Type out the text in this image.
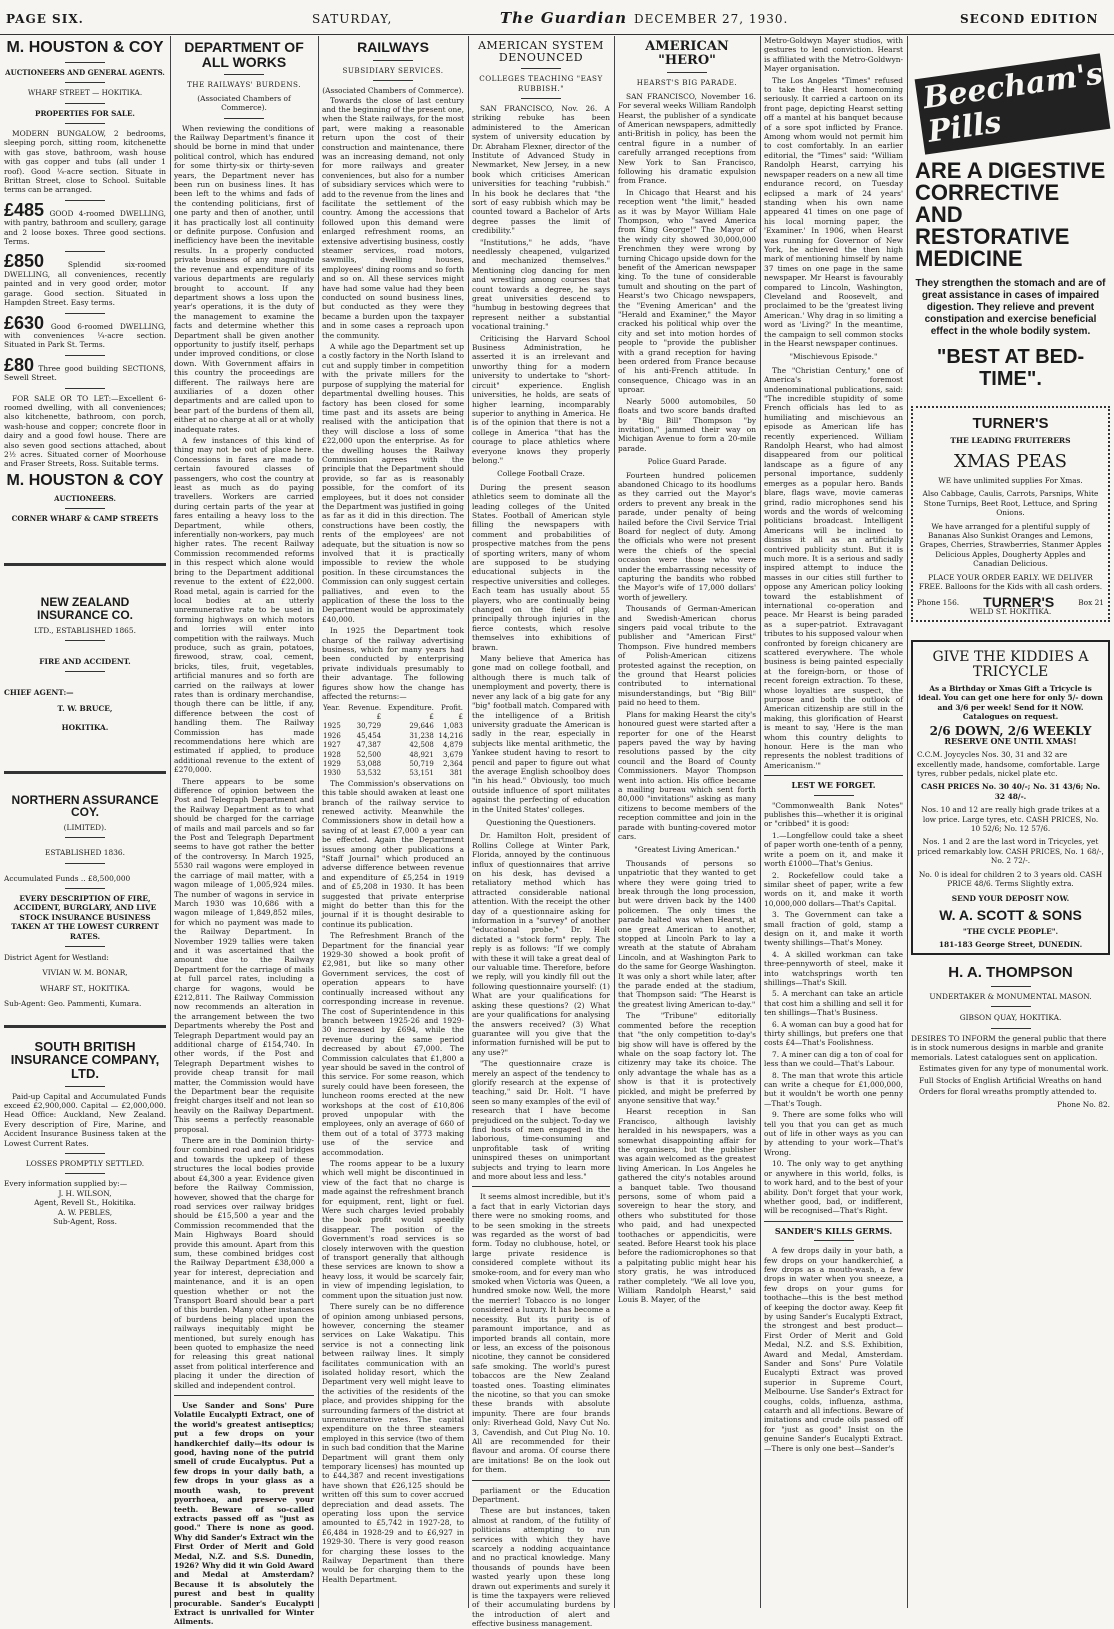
PAGE SIX.	SATURDAY,	The Guardian DECEMBER 27, 1930.	SECOND EDITION
M. HOUSTON & COY
AUCTIONEERS AND GENERAL AGENTS.
WHARF STREET — HOKITIKA.
PROPERTIES FOR SALE.

MODERN BUNGALOW, 2 bedrooms, sleeping porch, sitting room, kitchenette with gas stove, bathroom, wash house with gas copper and tubs (all under 1 roof). Good ¼-acre section. Situate in Brittan Street, close to School. Suitable terms can be arranged.

£485 GOOD 4-roomed DWELLING, with pantry, bathroom and scullery, garage and 2 loose boxes. Three good sections. Terms.

£850	Splendid six-roomed DWELLING, all conveniences, recently painted and in very good order, motor garage. Good section. Situated in Hampden Street. Easy terms.

£630 Good 6-roomed DWELLING, with conveniences ¼-acre section. Situated in Park St. Terms.

£80 Three good building SECTIONS, Sewell Street.

FOR SALE OR TO LET:—Excellent 6-roomed dwelling, with all conveniences; also kitchenette, bathroom, con porch, wash-house and copper; concrete floor in dairy and a good fowl house. There are also seven good sections attached, about 2½ acres. Situated corner of Moorhouse and Fraser Streets, Ross. Suitable terms.

M. HOUSTON & COY
AUCTIONEERS.
CORNER WHARF & CAMP STREETS
NEW ZEALAND INSURANCE CO.
LTD., ESTABLISHED 1865.
FIRE AND ACCIDENT.
CHIEF AGENT:—
T. W. BRUCE,
HOKITIKA.
NORTHERN ASSURANCE COY.
(LIMITED).
ESTABLISHED 1836.
Accumulated Funds .. £8,500,000
EVERY DESCRIPTION OF FIRE, ACCIDENT, BURGLARY, AND LIVE STOCK INSURANCE BUSINESS TAKEN AT THE LOWEST CURRENT RATES.
District Agent for Westland:
VIVIAN W. M. BONAR,
WHARF ST., HOKITIKA.
Sub-Agent: Geo. Pammenti, Kumara.
SOUTH BRITISH INSURANCE COMPANY, LTD.

Paid-up Capital and Accumulated Funds exceed £2,900,000. Capital — £2,000,000. Head Office: Auckland, New Zealand. Every description of Fire, Marine, and Accident Insurance Business taken at the Lowest Current Rates.

LOSSES PROMPTLY SETTLED.
Every information supplied by:—
J. H. WILSON,
Agent, Revell St., Hokitika.
A. W. PEBLES,
Sub-Agent, Ross.
DEPARTMENT OF ALL WORKS
THE RAILWAYS' BURDENS.
(Associated Chambers of Commerce).

When reviewing the conditions of the Railway Department's finance it should be borne in mind that under political control, which has endured for some thirty-six or thirty-seven years, the Department never has been run on business lines. It has been left to the whims and fads of the contending politicians, first of one party and then of another, until it has practically lost all continuity or definite purpose. Confusion and inefficiency have been the inevitable results. In a properly conducted private business of any magnitude the revenue and expenditure of its various departments are regularly brought to account. If any department shows a loss upon the year's operations, it is the duty of the management to examine the facts and determine whether this Department shall be given another opportunity to justify itself, perhaps under improved conditions, or close down. With Government affairs in this country the proceedings are different. The railways here are auxiliaries of a dozen other departments and are called upon to bear part of the burdens of them all, either at no charge at all or at wholly inadequate rates.

A few instances of this kind of thing may not be out of place here. Concessions in fares are made to certain favoured classes of passengers, who cost the country at least as much as do paying travellers. Workers are carried during certain parts of the year at fares entailing a heavy loss to the Department, while others, inferentially non-workers, pay much higher rates. The recent Railway Commission recommended reforms in this respect which alone would bring to the Department additional revenue to the extent of £22,000. Road metal, again is carried for the local bodies at an utterly unremunerative rate to be used in forming highways on which motors and lorries will enter into competition with the railways. Much produce, such as grain, potatoes, firewood, straw, coal, cement, bricks, tiles, fruit, vegetables, artificial manures and so forth are carried on the railways at lower rates than is ordinary merchandise, though there can be little, if any, difference between the cost of handling them. The Railway Commission has made recommendations here which are estimated if applied, to produce additional revenue to the extent of £270,000.

There appears to be some difference of opinion between the Post and Telegraph Department and the Railway Department as to what should be charged for the carriage of mails and mail parcels and so far the Post and Telegraph Department seems to have got rather the better of the controversy. In March 1925, 5530 rail wagons were employed in the carriage of mail matter, with a wagon mileage of 1,005,924 miles. The number of wagons in service in March 1930 was 10,686 with a wagon mileage of 1,849,852 miles, for which no payment was made to the Railway Department. In November 1929 tallies were taken and it was ascertained that the amount due to the Railway Department for the carriage of mails at full parcel rates, including a charge for wagons, would be £212,811. The Railway Commission now recommends an alteration in the arrangement between the two Departments whereby the Post and Telegraph Department would pay an additional charge of £154,740. In other words, if the Post and Telegraph Department wishes to provide cheap transit for mail matter, the Commission would have the Department bear the requisite freight charges itself and not lean so heavily on the Railway Department. This seems a perfectly reasonable proposal.

There are in the Dominion thirty-four combined road and rail bridges and towards the upkeep of these structures the local bodies provide about £4,300 a year. Evidence given before the Railway Commission, however, showed that the charge for road services over railway bridges should be £15,500 a year and the Commission recommended that the Main Highways Board should provide this amount. Apart from this sum, these combined bridges cost the Railway Department £38,000 a year for interest, depreciation and maintenance, and it is an open question whether or not the Transport Board should bear a part of this burden. Many other instances of burdens being placed upon the railways inequitably might be mentioned, but surely enough has been quoted to emphasize the need for releasing this great national asset from political interference and placing it under the direction of skilled and independent control.

Use Sander and Sons' Pure Volatile Eucalypti Extract, one of the world's greatest antiseptics; put a few drops on your handkerchief daily—its odour is good, having none of the putrid smell of crude Eucalyptus. Put a few drops in your daily bath, a few drops in your glass as a mouth wash, to prevent pyorrhoea, and preserve your teeth. Beware of so-called extracts passed off as "just as good." There is none as good. Why did Sander's Extract win the First Order of Merit and Gold Medal, N.Z. and S.S. Dunedin, 1926? Why did it win Gold Award and Medal at Amsterdam? Because it is absolutely the purest and best in quality procurable. Sander's Eucalypti Extract is unrivalled for Winter Ailments.

RAILWAYS
SUBSIDIARY SERVICES.
(Associated Chambers of Commerce).

Towards the close of last century and the beginning of the present one, when the State railways, for the most part, were making a reasonable return upon the cost of their construction and maintenance, there was an increasing demand, not only for more railways and greater conveniences, but also for a number of subsidiary services which were to add to the revenue from the lines and facilitate the settlement of the country. Among the accessions that followed upon this demand were enlarged refreshment rooms, an extensive advertising business, costly steamer services, road motors, sawmills, dwelling houses, employees' dining rooms and so forth and so on. All these services might have had some value had they been conducted on sound business lines, but conducted as they were they became a burden upon the taxpayer and in some cases a reproach upon the community.

A while ago the Department set up a costly factory in the North Island to cut and supply timber in competition with the private millers for the purpose of supplying the material for departmental dwelling houses. This factory has been closed for some time past and its assets are being realised with the anticipation that they will disclose a loss of some £22,000 upon the enterprise. As for the dwelling houses the Railway Commission agrees with the principle that the Department should provide, so far as is reasonably possible, for the comfort of its employees, but it does not consider the Department was justified in going as far as it did in this direction. The constructions have been costly, the rents of the employees' are not adequate, but the situation is now so involved that it is practically impossible to review the whole position. In these circumstances the Commission can only suggest certain palliatives, and even to the application of these the loss to the Department would be approximately £40,000.

In 1925 the Department took charge of the railway advertising business, which for many years had been conducted by enterprising private individuals presumably to their advantage. The following figures show how the change has affected the returns:—

Year.	Revenue.	Expenditure.	Profit.
	£	£	£
1925	30,729	29,646	1,083
1926	45,454	31,238	14,216
1927	47,387	42,508	4,879
1928	52,500	48,921	3,679
1929	53,088	50,719	2,364
1930	53,532	53,151	381

The Commission's observations on this table should awaken at least one branch of the railway service to renewed activity. Meanwhile the Commissioners show in detail how a saving of at least £7,000 a year can be effected. Again the Department issues among other publications a "Staff Journal" which produced an adverse difference between revenue and expenditure of £5,254 in 1919 and of £5,208 in 1930. It has been suggested that private enterprise might do better than this for the journal if it is thought desirable to continue its publication.

The Refreshment Branch of the Department for the financial year 1929-30 showed a book profit of £2,981, but like so many other Government services, the cost of operation appears to have continually increased without any corresponding increase in revenue. The cost of Superintendence in this branch between 1925-26 and 1929-30 increased by £694, while the revenue during the same period decreased by about £7,000. The Commission calculates that £1,800 a year should be saved in the control of this service. For some reason, which surely could have been foreseen, the luncheon rooms erected at the new workshops at the cost of £10,806 proved unpopular with the employees, only an average of 660 of them out of a total of 3773 making use of the service and accommodation.

The rooms appear to be a luxury which well might be discontinued in view of the fact that no charge is made against the refreshment branch for equipment, rent, light or fuel. Were such charges levied probably the book profit would speedily disappear. The position of the Government's road services is so closely interwoven with the question of transport generally that although these services are known to show a heavy loss, it would be scarcely fair, in view of impending legislation, to comment upon the situation just now.

There surely can be no difference of opinion among unbiased persons, however, concerning the steamer services on Lake Wakatipu. This service is not a connecting link between railway lines. It simply facilitates communication with an isolated holiday resort, which the Department very well might leave to the activities of the residents of the place, and provides shipping for the surrounding farmers of the district at unremunerative rates. The capital expenditure on the three steamers employed in this service (two of them in such bad condition that the Marine Department will grant them only temporary licenses) has mounted up to £44,387 and recent investigations have shown that £26,125 should be written off this sum to cover accrued depreciation and dead assets. The operating loss upon the service amounted to £5,742 in 1927-28, to £6,484 in 1928-29 and to £6,927 in 1929-30. There is very good reason for charging these losses to the Railway Department than there would be for charging them to the Health Department.

AMERICAN SYSTEM DENOUNCED
COLLEGES TEACHING "EASY RUBBISH."

SAN FRANCISCO, Nov. 26. A striking rebuke has been administered to the American system of university education by Dr. Abraham Flexner, director of the Institute of Advanced Study in Newmarket, New Jersey, in a new book which criticises American universities for teaching "rubbish." In his book he declares that "the sort of easy rubbish which may be counted toward a Bachelor of Arts degree passes the limit of credibility."

"Institutions," he adds, "have needlessly cheapened, vulgarized and mechanized themselves." Mentioning clog dancing for men and wrestling among courses that count towards a degree, he says great universities descend to "humbug in bestowing degrees that represent neither a substantial vocational training."

Criticising the Harvard School Business Administration, he asserted it is an irrelevant and unworthy thing for a modern university to undertake to "short-circuit" experience. English universities, he holds, are seats of higher learning, incomparably superior to anything in America. He is of the opinion that there is not a college in America "that has the courage to place athletics where everyone knows they properly belong."

College Football Craze.

During the present season athletics seem to dominate all the leading colleges of the United States. Football of American style filling the newspapers with comment and probabilities of prospective matches from the pens of sporting writers, many of whom are supposed to be studying educational subjects in the respective universities and colleges. Each team has usually about 55 players, who are continually being changed on the field of play, principally through injuries in the fierce contests, which resolve themselves into exhibitions of brawn.

Many believe that America has gone mad on college football, and although there is much talk of unemployment and poverty, there is never any lack of a big gate for any "big" football match. Compared with the intelligence of a British university graduate the American is sadly in the rear, especially in subjects like mental arithmetic, the Yankee student having to resort to pencil and paper to figure out what the average English schoolboy does "in his head." Obviously, too much outside influence of sport militates against the perfecting of education in the United States' colleges.

Questioning the Questioners.

Dr. Hamilton Holt, president of Rollins College at Winter Park, Florida, annoyed by the continuous influx of questionnaires that arrive on his desk, has devised a retaliatory method which has attracted considerable national attention. With the receipt the other day of a questionnaire asking for information in a "survey" of another "educational probe," Dr. Holt dictated a "stock form" reply. The reply is as follows: "If we comply with these it will take a great deal of our valuable time. Therefore, before we reply, will you kindly fill out the following questionnaire yourself: (1) What are your qualifications for asking these questions? (2) What are your qualifications for analysing the answers received? (3) What guarantee will you give that the information furnished will be put to any use?"

"The questionnaire craze is merely an aspect of the tendency to glorify research at the expense of teaching," said Dr. Holt. "I have seen so many examples of the evil of research that I have become prejudiced on the subject. To-day we find hosts of men engaged in the laborious, time-consuming and unprofitable task of writing uninspired theses on unimportant subjects and trying to learn more and more about less and less."

It seems almost incredible, but it's a fact that in early Victorian days there were no smoking rooms, and to be seen smoking in the streets was regarded as the worst of bad form. Today no clubhouse, hotel, or large private residence is considered complete without its smoke-room, and for every man who smoked when Victoria was Queen, a hundred smoke now. Well, the more the merrier! Tobacco is no longer considered a luxury. It has become a necessity. But its purity is of paramount importance, and as imported brands all contain, more or less, an excess of the poisonous nicotine, they cannot be considered safe smoking. The world's purest tobaccos are the New Zealand toasted ones. Toasting eliminates the nicotine, so that you can smoke these brands with absolute impunity. There are four brands only: Riverhead Gold, Navy Cut No. 3, Cavendish, and Cut Plug No. 10. All are recommended for their flavour and aroma. Of course there are imitations! Be on the look out for them.

parliament or the Education Department.

These are but instances, taken almost at random, of the futility of politicians attempting to run services with which they have scarcely a nodding acquaintance and no practical knowledge. Many thousands of pounds have been wasted yearly upon these long drawn out experiments and surely it is time the taxpayers were relieved of their accumulating burdens by the introduction of alert and effective business management.

AMERICAN "HERO"
HEARST'S BIG PARADE.

SAN FRANCISCO, November 16. For several weeks William Randolph Hearst, the publisher of a syndicate of American newspapers, admittedly anti-British in policy, has been the central figure in a number of carefully arranged receptions from New York to San Francisco, following his dramatic expulsion from France.

In Chicago that Hearst and his reception went "the limit," headed as it was by Mayor William Hale Thompson, who "saved America from King George!" The Mayor of the windy city showed 30,000,000 Frenchmen they were wrong by turning Chicago upside down for the benefit of the American newspaper king. To the tune of considerable tumult and shouting on the part of Hearst's two Chicago newspapers, the "Evening American" and the "Herald and Examiner," the Mayor cracked his political whip over the city and set into motion hordes of people to "provide the publisher with a grand reception for having been ordered from France because of his anti-French attitude. In consequence, Chicago was in an uproar.

Nearly 5000 automobiles, 50 floats and two score bands drafted by "Big Bill" Thompson "by invitation," jammed their way on Michigan Avenue to form a 20-mile parade.

Police Guard Parade.

Fourteen hundred policemen abandoned Chicago to its hoodlums as they carried out the Mayor's orders to prevent any break in the parade, under penalty of being hailed before the Civil Service Trial Board for neglect of duty. Among the officials who were not present were the chiefs of the special occasion were those who were under the embarrassing necessity of capturing the bandits who robbed the Mayor's wife of 17,000 dollars' worth of jewellery.

Thousands of German-American and Swedish-American chorus singers paid vocal tribute to the publisher and "American First" Thompson. Five hundred members of Polish-American citizens protested against the reception, on the ground that Hearst policies contributed to international misunderstandings, but "Big Bill" paid no heed to them.

Plans for making Hearst the city's honoured guest were started after a reporter for one of the Hearst papers paved the way by having resolutions passed by the city council and the Board of County Commissioners. Mayor Thompson went into action. His office became a mailing bureau which sent forth 80,000 "invitations" asking as many citizens to become members of the reception committee and join in the parade with bunting-covered motor cars.

"Greatest Living American."

Thousands of persons so unpatriotic that they wanted to get where they were going tried to break through the long procession, but were driven back by the 1400 policemen. The only times the parade halted was when Hearst, at one great American to another, stopped at Lincoln Park to lay a wreath at the statute of Abraham Lincoln, and at Washington Park to do the same for George Washington. It was only a short while later, after the parade ended at the stadium, that Thompson said: "The Hearst is the greatest living American to-day."

The "Tribune" editorially commented before the reception that "the only competition to-day's big show will have is offered by the whale on the soap factory lot. The citizenry may take its choice. The only advantage the whale has as a show is that it is protectively pickled, and might be preferred by anyone sensitive that way."

Hearst reception in San Francisco, although lavishly heralded in his newspapers, was a somewhat disappointing affair for the organisers, but the publisher was again welcomed as the greatest living American. In Los Angeles he gathered the city's notables around a banquet table. Two thousand persons, some of whom paid a sovereign to hear the story, and others who substituted for those who paid, and had unexpected toothaches or appendicitis, were seated. Before Hearst took his place before the radiomicrophones so that a palpitating public might hear his story gratis, he was introduced rather completely. "We all love you, William Randolph Hearst," said Louis B. Mayer, of the

Metro-Goldwyn Mayer studios, with gestures to lend conviction. Hearst is affiliated with the Metro-Goldwyn-Mayer organisation.

The Los Angeles "Times" refused to take the Hearst homecoming seriously. It carried a cartoon on its front page, depicting Hearst setting off a mantel at his banquet because of a sore spot inflicted by France. Among whom would not permit him to cost comfortably. In an earlier editorial, the "Times" said: "William Randolph Hearst, carrying his newspaper readers on a new all time endurance record, on Tuesday eclipsed a mark of 24 years' standing when his own name appeared 41 times on one page of his local morning paper, the 'Examiner.' In 1906, when Hearst was running for Governor of New York, he achieved the then high mark of mentioning himself by name 37 times on one page in the same newspaper. Mr Hearst is favourably compared to Lincoln, Washington, Cleveland and Roosevelt, and proclaimed to be the 'greatest living American.' Why drag in so limiting a word as 'Living?' In the meantime, the campaign to sell common stocks in the Hearst newspaper continues.

"Mischievous Episode."

The "Christian Century," one of America's foremost undenominational publications, said: "The incredible stupidity of some French officials has led to as humiliating and mischievous an episode as American life has recently experienced. William Randolph Hearst, who had almost disappeared from our political landscape as a figure of any personal importance, suddenly emerges as a popular hero. Bands blare, flags wave, movie cameras grind, radio microphones send his words and the words of welcoming politicians broadcast. Intelligent Americans will be inclined to dismiss it all as an artificially contrived publicity stunt. But it is much more. It is a serious and sadly inspired attempt to induce the masses in our cities still further to oppose any American policy looking toward the establishment of international co-operation and peace. Mr Hearst is being paraded as a super-patriot. Extravagant tributes to his supposed valour when confronted by foreign chicanery are scattered everywhere. The whole business is being painted especially at the foreign-born, or those of recent foreign extraction. To these, whose loyalties are suspect, the purpose and both the outlook of American citizenship are still in the making, this glorification of Hearst is meant to say, 'Here is the man whom this country delights to honour. Here is the man who represents the noblest traditions of Americanism.'"

LEST WE FORGET.

"Commonwealth Bank Notes" publishes this—whether it is original or "cribbed" it is good:

1.—Longfellow could take a sheet of paper worth one-tenth of a penny, write a poem on it, and make it worth £1000—That's Genius.

2. Rockefellow could take a similar sheet of paper, write a few words on it, and make it worth 10,000,000 dollars—That's Capital.

3. The Government can take a small fraction of gold, stamp a design on it, and make it worth twenty shillings—That's Money.

4. A skilled workman can take three-pennyworth of steel, make it into watchsprings worth ten shillings—That's Skill.

5. A merchant can take an article that cost him a shilling and sell it for ten shillings—That's Business.

6. A woman can buy a good hat for thirty shillings, but prefers one that costs £4—That's Foolishness.

7. A miner can dig a ton of coal for less than we could—That's Labour.

8. The man that wrote this article can write a cheque for £1,000,000, but it wouldn't be worth one penny—That's Tough.

9. There are some folks who will tell you that you can get as much out of life in other ways as you can by attending to your work—That's Wrong.

10. The only way to get anything or anywhere in this world, folks, is to work hard, and to the best of your ability. Don't forget that your work, whether good, bad, or indifferent, will be recognised—That's Right.

SANDER'S KILLS GERMS.

A few drops daily in your bath, a few drops on your handkerchief, a few drops as a mouth-wash, a few drops in water when you sneeze, a few drops on your gums for toothache—this is the best method of keeping the doctor away. Keep fit by using Sander's Eucalypti Extract, the strongest and best product—First Order of Merit and Gold Medal, N.Z. and S.S. Exhibition, Award and Medal, Amsterdam. Sander and Sons' Pure Volatile Eucalypti Extract was proved superior in Supreme Court, Melbourne. Use Sander's Extract for coughs, colds, influenza, asthma, catarrh and all infections. Beware of imitations and crude oils passed off for "just as good" Insist on the genuine Sander's Eucalypti Extract.—There is only one best—Sander's

Beecham's Pills
ARE A DIGESTIVE CORRECTIVE AND RESTORATIVE MEDICINE
They strengthen the stomach and are of great assistance in cases of impaired digestion. They relieve and prevent constipation and exercise beneficial effect in the whole bodily system.
"BEST AT BED-TIME".
TURNER'S
THE LEADING FRUITERERS
XMAS PEAS

WE have unlimited supplies For Xmas.

Also Cabbage, Caulis, Carrots, Parsnips, White Stone Turnips, Beet Root, Lettuce, and Spring Onions.

We have arranged for a plentiful supply of Bananas Also Sunkist Oranges and Lemons, Grapes, Cherries, Strawberries, Stanmer Apples Delicious Apples, Dougherty Apples and Canadian Delicious.

PLACE YOUR ORDER EARLY. WE DELIVER FREE. Balloons for the Kids with all cash orders.

Phone 156. TURNER'S	Box 21
WELD ST. HOKITIKA.
GIVE THE KIDDIES A TRICYCLE

As a Birthday or Xmas Gift a Tricycle is ideal. You can get one here for only 5/- down and 3/6 per week! Send for it NOW. Catalogues on request.

2/6 DOWN, 2/6 WEEKLY
RESERVE ONE UNTIL XMAS!

C.C.M. Joycycles Nos. 30, 31 and 32 are excellently made, handsome, comfortable. Large tyres, rubber pedals, nickel plate etc.

CASH PRICES No. 30 40/-; No. 31 43/6; No. 32 48/-.

Nos. 10 and 12 are really high grade trikes at a low price. Large tyres, etc. CASH PRICES, No. 10 52/6; No. 12 57/6.

Nos. 1 and 2 are the last word in Tricycles, yet priced remarkably low. CASH PRICES, No. 1 68/-, No. 2 72/-.

No. 0 is ideal for children 2 to 3 years old. CASH PRICE 48/6. Terms Slightly extra.

SEND YOUR DEPOSIT NOW.
W. A. SCOTT & SONS
"THE CYCLE PEOPLE".
181-183 George Street, DUNEDIN.
H. A. THOMPSON
UNDERTAKER & MONUMENTAL MASON.
GIBSON QUAY, HOKITIKA.

DESIRES TO INFORM the general public that there is in stock numerous designs in marble and granite memorials. Latest catalogues sent on application.

Estimates given for any type of monumental work.

Full Stocks of English Artificial Wreaths on hand

Orders for floral wreaths promptly attended to.

Phone No. 82.
